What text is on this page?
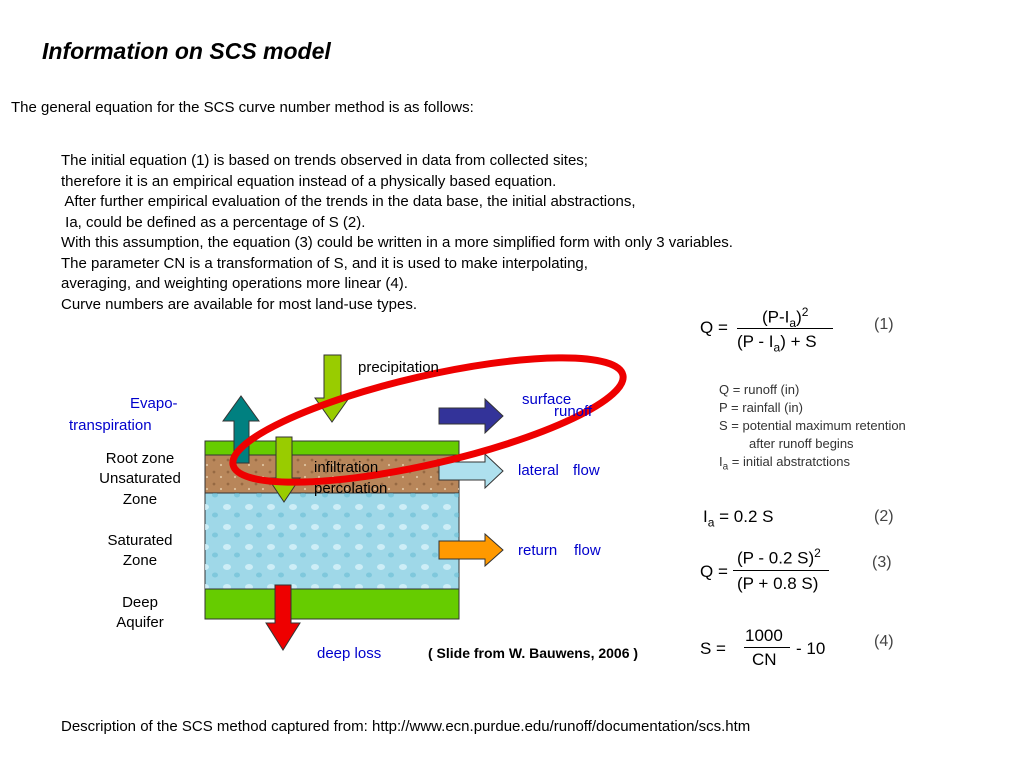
Information on SCS model
The general equation for the SCS curve number method is as follows:
The initial equation (1) is based on trends observed in data from collected sites;
therefore it is an empirical equation instead of a physically based equation.
After further empirical evaluation of the trends in the data base, the initial abstractions,
Ia, could be defined as a percentage of S (2).
With this assumption, the equation (3) could be written in a more simplified form with only 3 variables.
The parameter CN is a transformation of S, and it is used to make interpolating,
averaging, and weighting operations more linear (4).
Curve numbers are available for most land-use types.
precipitation
Evapo-
transpiration
surface
runoff
infiltration
percolation
lateral flow
return flow
deep loss
Root zone
Unsaturated
Zone
Saturated
Zone
Deep
Aquifer
( Slide from W. Bauwens, 2006 )
Q =
$(P-I_a)^2$
$(P - I_a) + S$
(1)
Q = runoff (in)
P = rainfall (in)
S = potential maximum retention
after runoff begins
$I_a$ = initial abstratctions
$I_a = 0.2$ S	(2)
Q =
(P - 0.2 S)$^2$
(P + 0.8 S)
(3)
S =
1000
CN
- 10	(4)
Description of the SCS method captured from: http://www.ecn.purdue.edu/runoff/documentation/scs.htm
